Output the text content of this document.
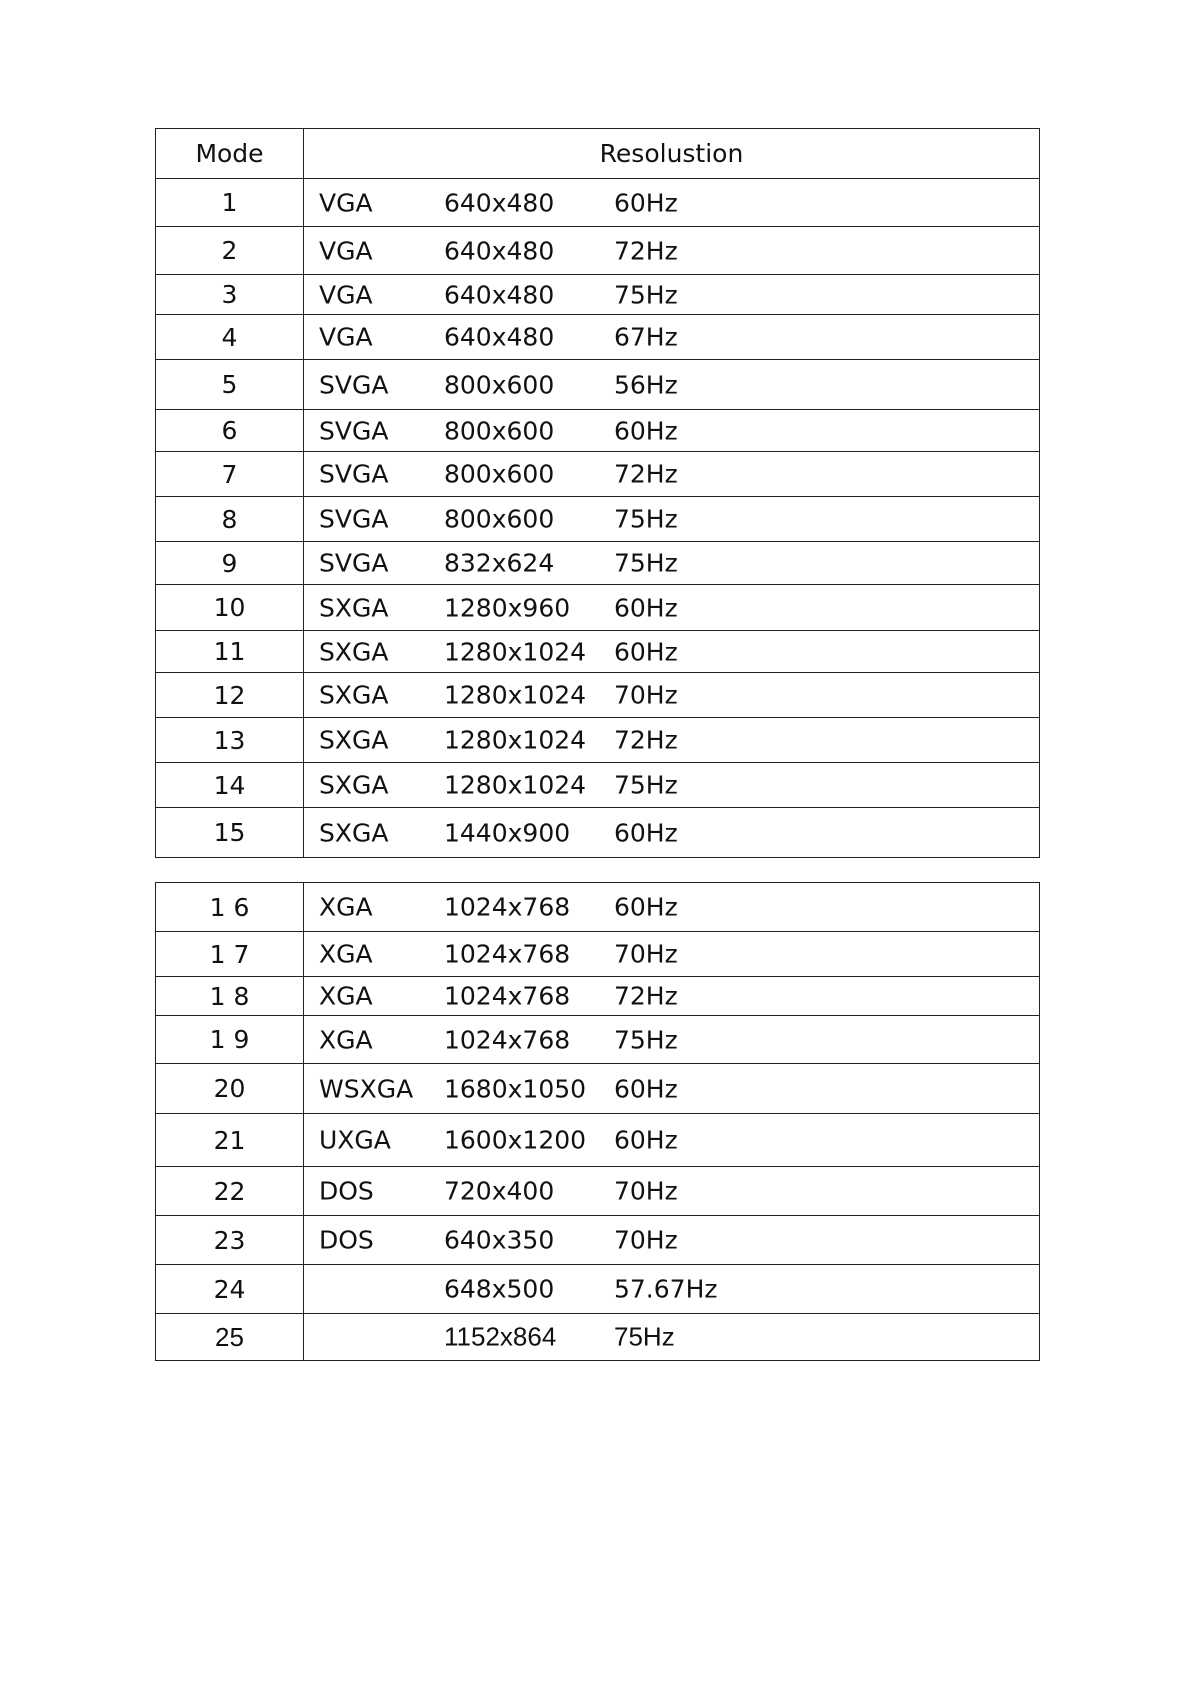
Mode	Resolustion
1	VGA	640x480 60Hz
2	VGA	640x480 72Hz
3	VGA	640x480 75Hz
4	VGA	640x480 67Hz
5	SVGA 800x600 56Hz
6	SVGA 800x600 60Hz
7	SVGA 800x600 72Hz
8	SVGA 800x600 75Hz
9	SVGA 832x624 75Hz
10	SXGA 1280x960 60Hz
11	SXGA 1280x1024 60Hz
12	SXGA 1280x1024 70Hz
13	SXGA 1280x1024 72Hz
14	SXGA 1280x1024 75Hz
15	SXGA 1440x900 60Hz
1 6	XGA	1024x768 60Hz
1 7	XGA	1024x768 70Hz
1 8	XGA	1024x768 72Hz
1 9	XGA	1024x768 75Hz
20	WSXGA 1680x1050 60Hz
21	UXGA 1600x1200 60Hz
22	DOS	720x400 70Hz
23	DOS	640x350 70Hz
24	648x500 57.67Hz
25	1152x864 75Hz
